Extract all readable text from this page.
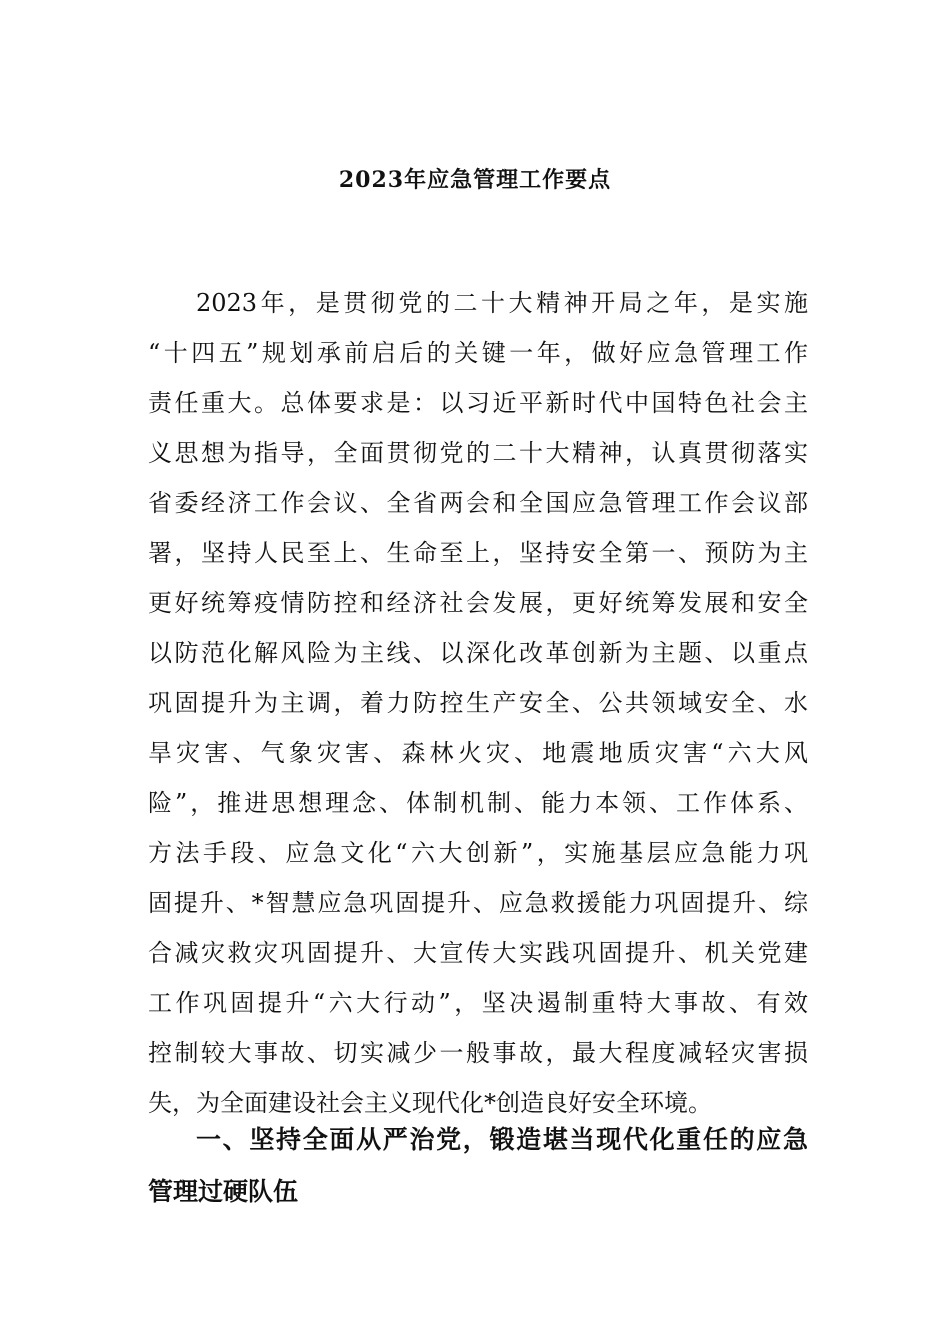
2023年应急管理工作要点
2023年，是贯彻党的二十大精神开局之年，是实施
“十四五”规划承前启后的关键一年，做好应急管理工作
责任重大。总体要求是：以习近平新时代中国特色社会主
义思想为指导，全面贯彻党的二十大精神，认真贯彻落实
省委经济工作会议、全省两会和全国应急管理工作会议部
署，坚持人民至上、生命至上，坚持安全第一、预防为主
更好统筹疫情防控和经济社会发展，更好统筹发展和安全
以防范化解风险为主线、以深化改革创新为主题、以重点
巩固提升为主调，着力防控生产安全、公共领域安全、水
旱灾害、气象灾害、森林火灾、地震地质灾害“六大风
险”，推进思想理念、体制机制、能力本领、工作体系、
方法手段、应急文化“六大创新”，实施基层应急能力巩
固提升、*智慧应急巩固提升、应急救援能力巩固提升、综
合减灾救灾巩固提升、大宣传大实践巩固提升、机关党建
工作巩固提升“六大行动”，坚决遏制重特大事故、有效
控制较大事故、切实减少一般事故，最大程度减轻灾害损
失，为全面建设社会主义现代化*创造良好安全环境。
一、坚持全面从严治党，锻造堪当现代化重任的应急
管理过硬队伍
